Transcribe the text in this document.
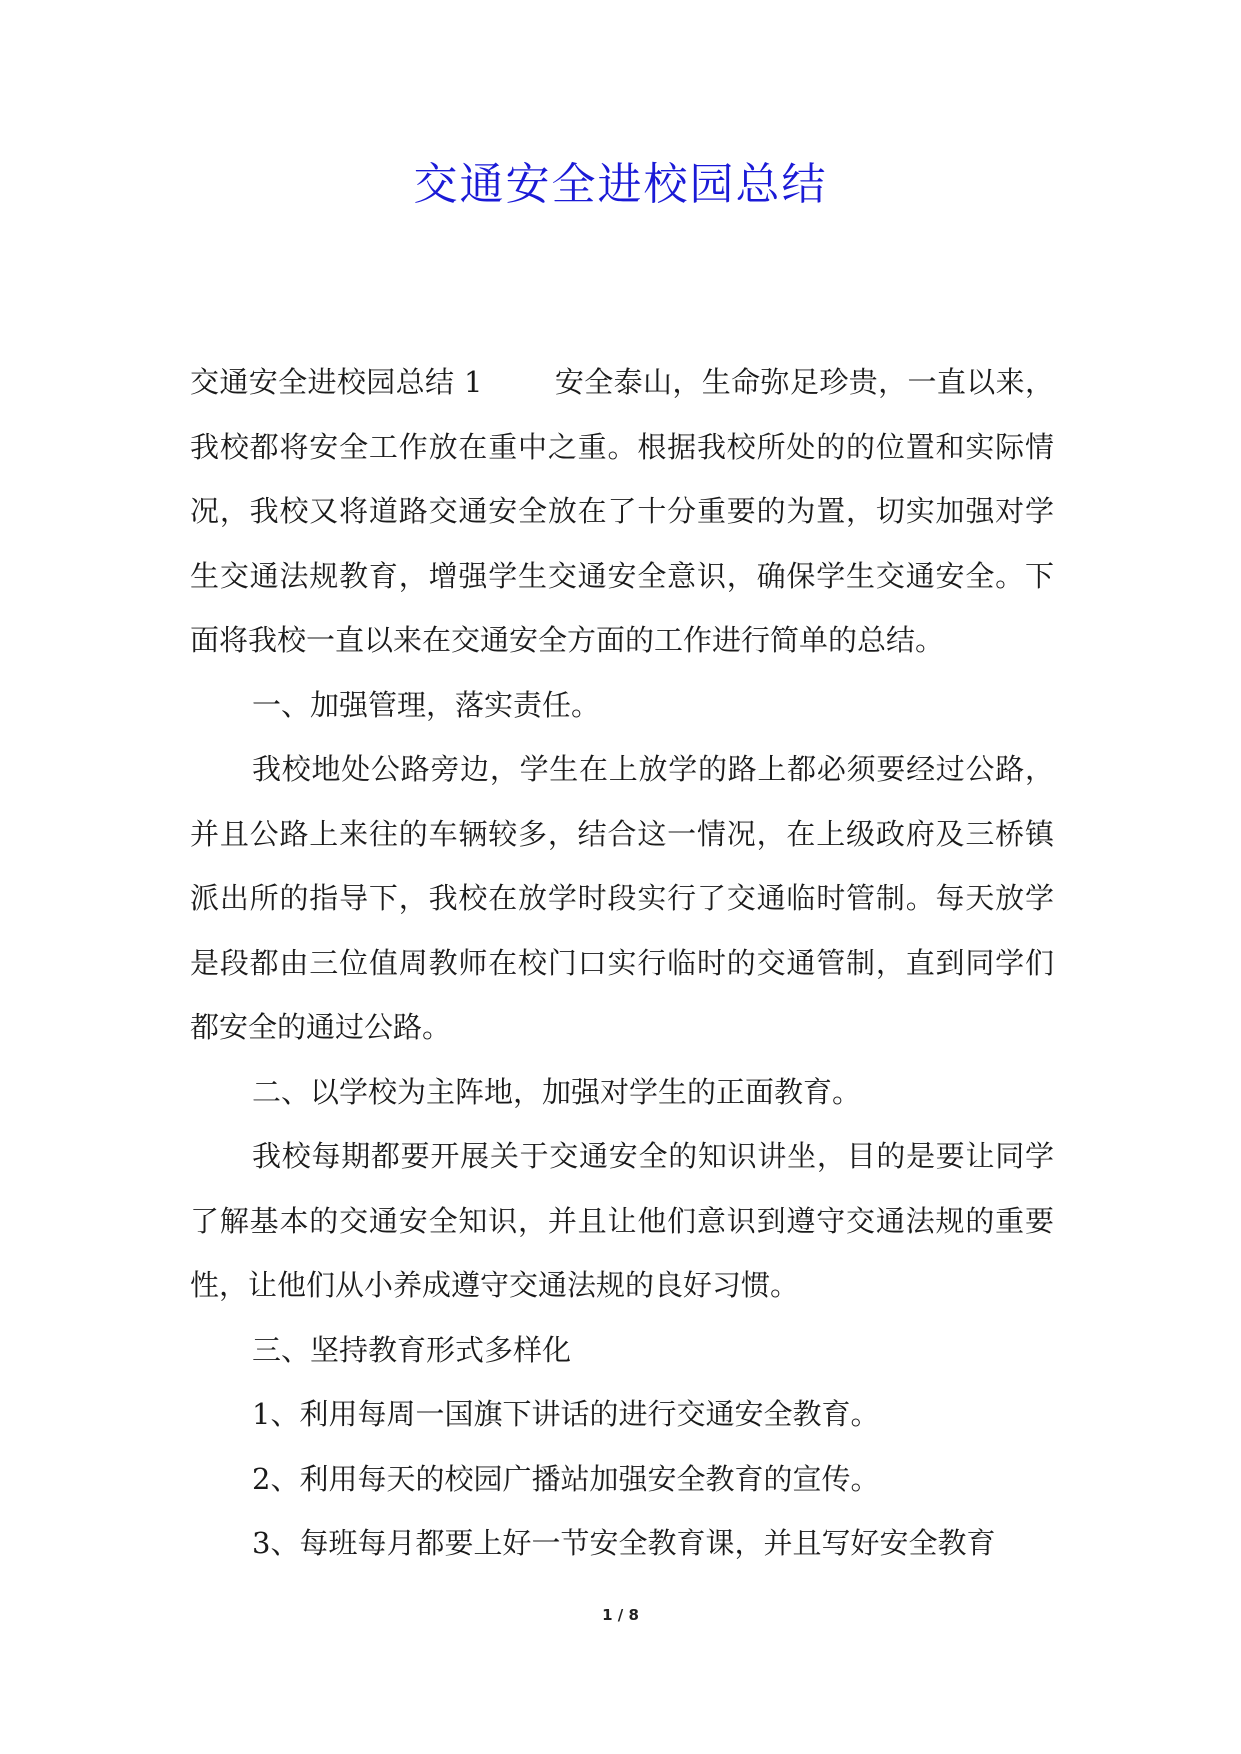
交通安全进校园总结

交通安全进校园总结 1 安全泰山，生命弥足珍贵，一直以来，我校都将安全工作放在重中之重。根据我校所处的的位置和实际情况，我校又将道路交通安全放在了十分重要的为置，切实加强对学生交通法规教育，增强学生交通安全意识，确保学生交通安全。下面将我校一直以来在交通安全方面的工作进行简单的总结。

一、加强管理，落实责任。

我校地处公路旁边，学生在上放学的路上都必须要经过公路，并且公路上来往的车辆较多，结合这一情况，在上级政府及三桥镇派出所的指导下，我校在放学时段实行了交通临时管制。每天放学是段都由三位值周教师在校门口实行临时的交通管制，直到同学们都安全的通过公路。

二、以学校为主阵地，加强对学生的正面教育。

我校每期都要开展关于交通安全的知识讲坐，目的是要让同学了解基本的交通安全知识，并且让他们意识到遵守交通法规的重要性，让他们从小养成遵守交通法规的良好习惯。

三、坚持教育形式多样化

1、利用每周一国旗下讲话的进行交通安全教育。

2、利用每天的校园广播站加强安全教育的宣传。

3、每班每月都要上好一节安全教育课，并且写好安全教育

1 / 8
